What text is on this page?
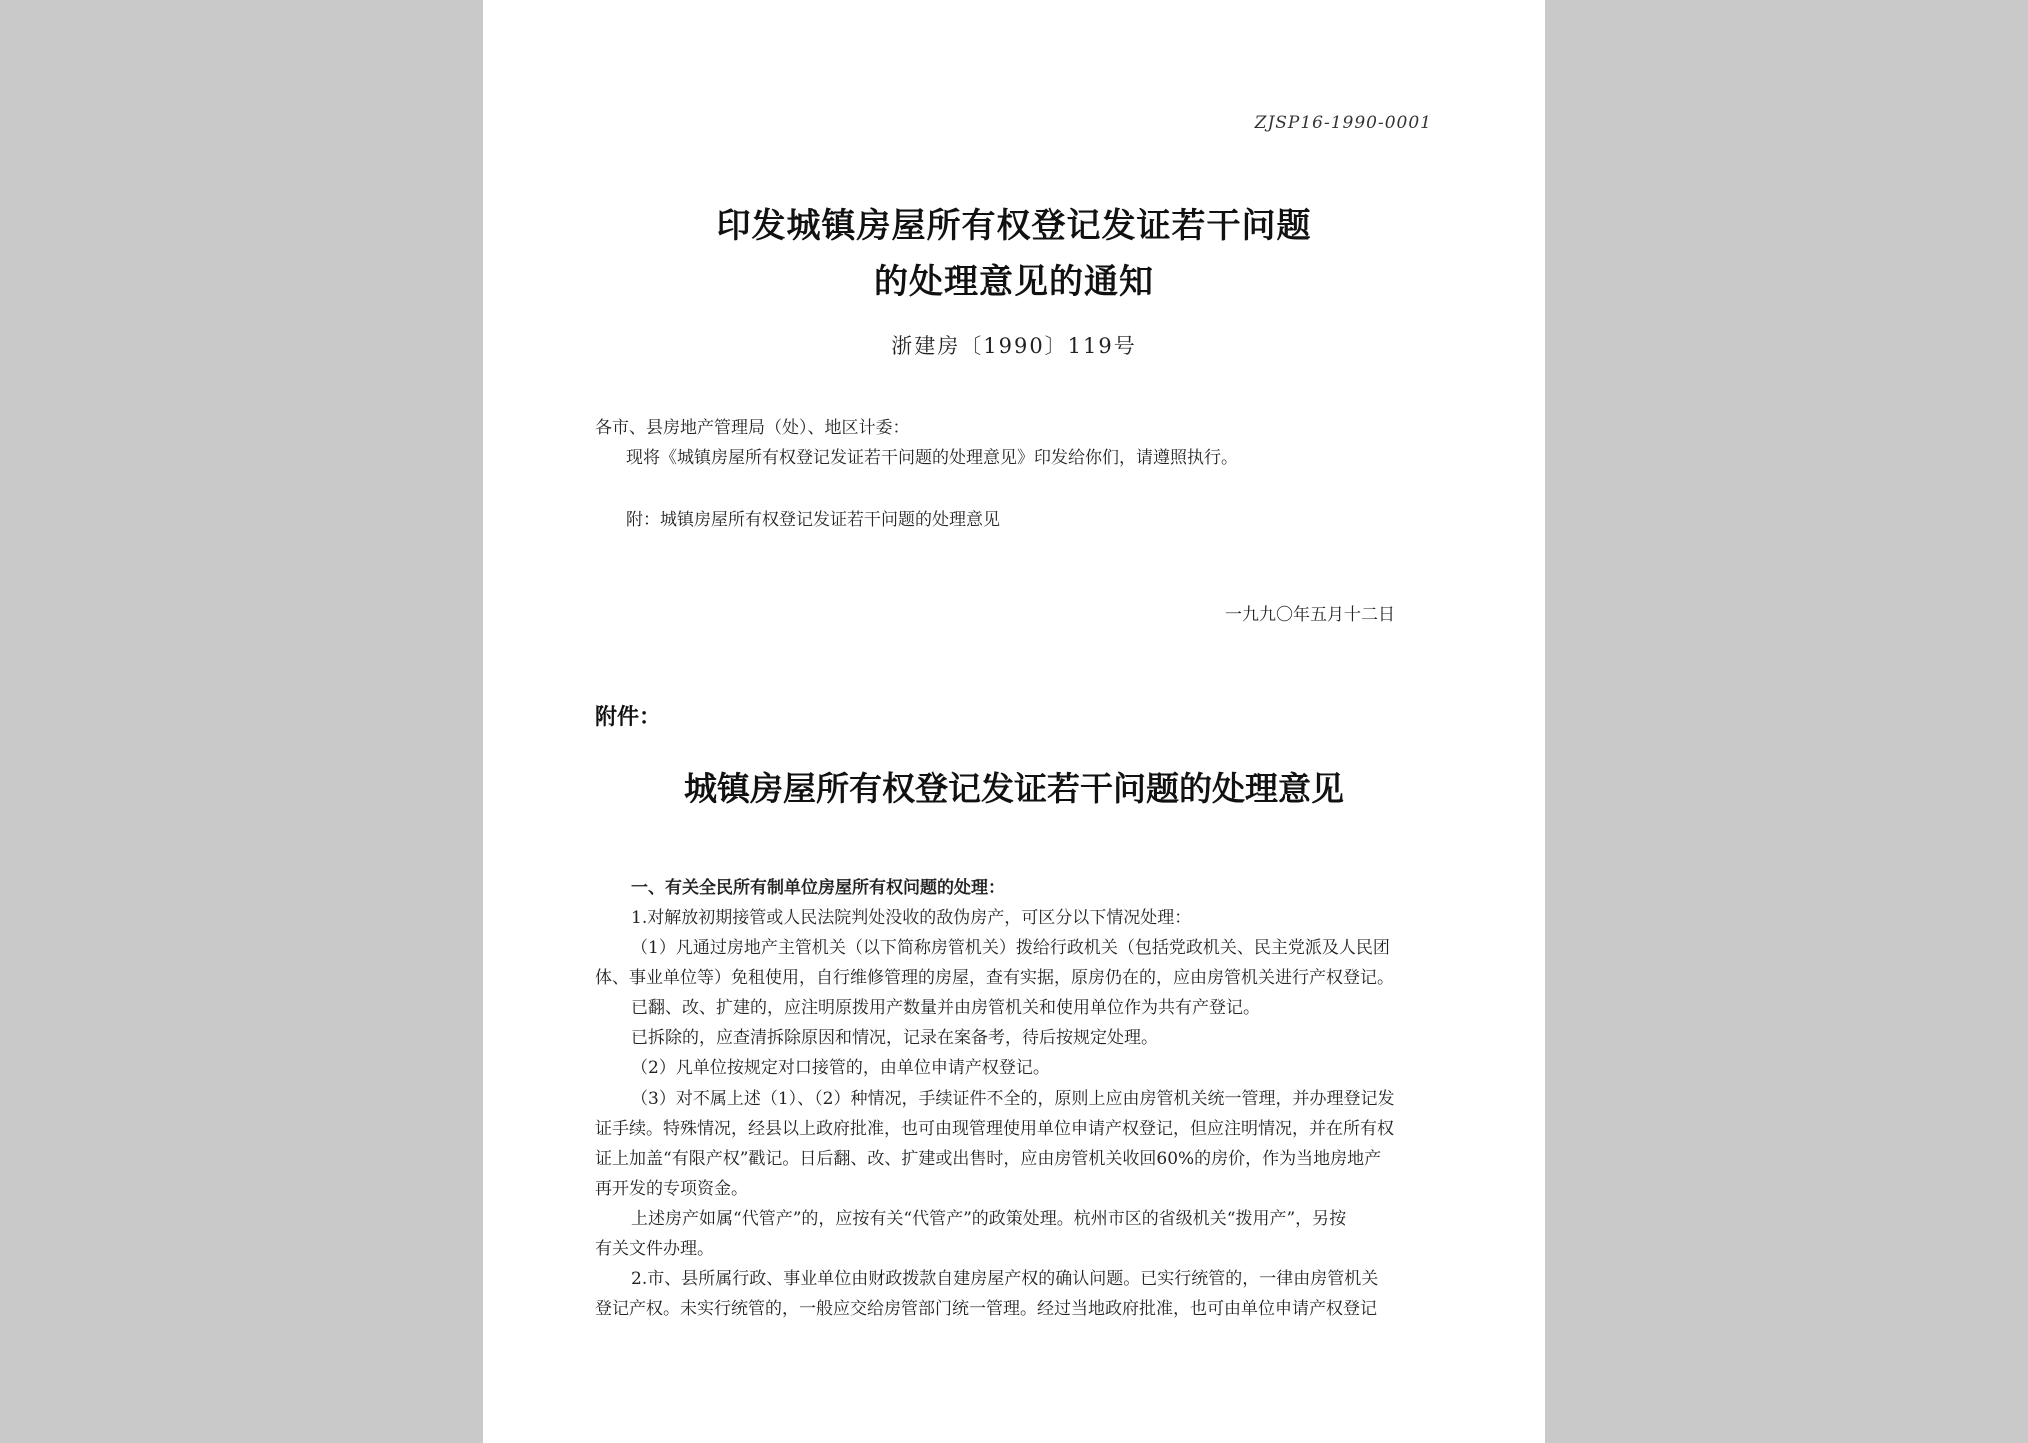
ZJSP16-1990-0001
印发城镇房屋所有权登记发证若干问题
的处理意见的通知
浙建房〔1990〕119号
各市、县房地产管理局（处）、地区计委：
现将《城镇房屋所有权登记发证若干问题的处理意见》印发给你们，请遵照执行。
附：城镇房屋所有权登记发证若干问题的处理意见
一九九〇年五月十二日
附件：
城镇房屋所有权登记发证若干问题的处理意见
一、有关全民所有制单位房屋所有权问题的处理：
1.对解放初期接管或人民法院判处没收的敌伪房产，可区分以下情况处理：
（1）凡通过房地产主管机关（以下简称房管机关）拨给行政机关（包括党政机关、民主党派及人民团
体、事业单位等）免租使用，自行维修管理的房屋，查有实据，原房仍在的，应由房管机关进行产权登记。
已翻、改、扩建的，应注明原拨用产数量并由房管机关和使用单位作为共有产登记。
已拆除的，应查清拆除原因和情况，记录在案备考，待后按规定处理。
（2）凡单位按规定对口接管的，由单位申请产权登记。
（3）对不属上述（1）、（2）种情况，手续证件不全的，原则上应由房管机关统一管理，并办理登记发
证手续。特殊情况，经县以上政府批准，也可由现管理使用单位申请产权登记，但应注明情况，并在所有权
证上加盖“有限产权”戳记。日后翻、改、扩建或出售时，应由房管机关收回60%的房价，作为当地房地产
再开发的专项资金。
上述房产如属“代管产”的，应按有关“代管产”的政策处理。杭州市区的省级机关“拨用产”，另按
有关文件办理。
2.市、县所属行政、事业单位由财政拨款自建房屋产权的确认问题。已实行统管的，一律由房管机关
登记产权。未实行统管的，一般应交给房管部门统一管理。经过当地政府批准，也可由单位申请产权登记
